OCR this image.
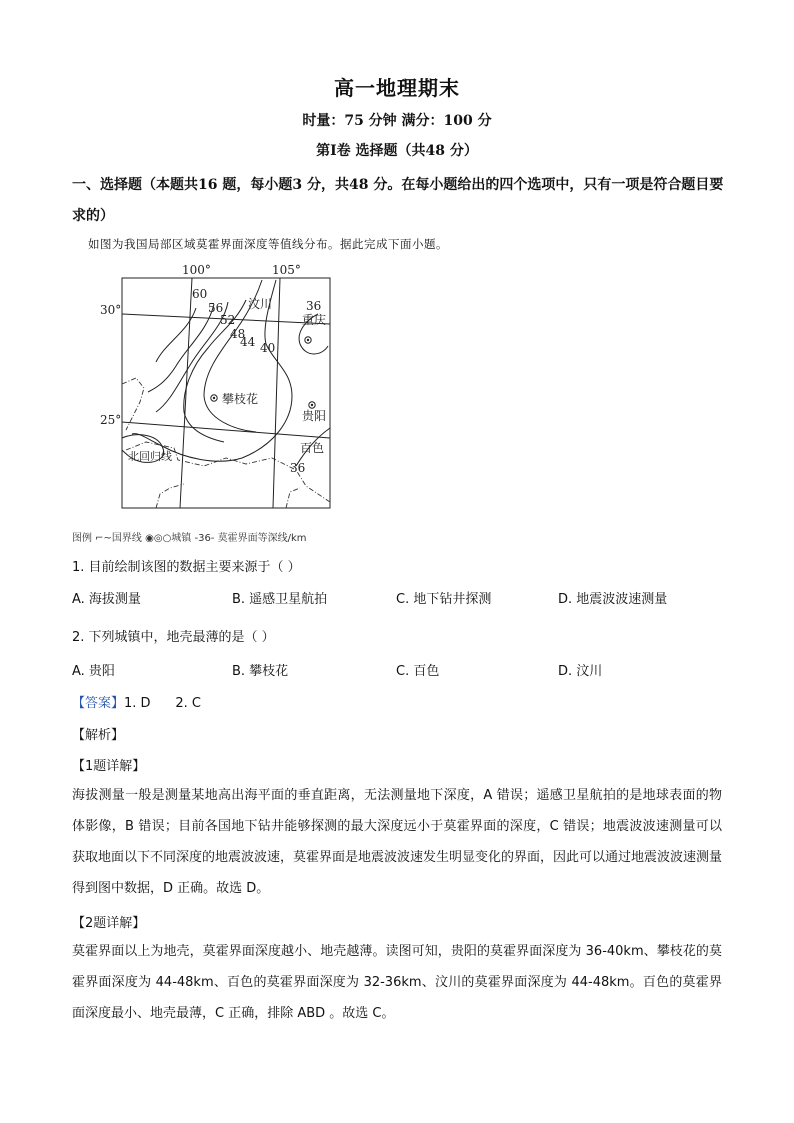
高一地理期末
时量：75 分钟 满分：100 分
第Ⅰ卷 选择题（共48 分）
一、选择题（本题共16 题，每小题3 分，共48 分。在每小题给出的四个选项中，只有一项是符合题目要求的）
如图为我国局部区域莫霍界面深度等值线分布。据此完成下面小题。
100°	105°
30°
25°
60
56
52
48
44 40
36
36
汶川
重庆
攀枝花
贵阳
百色
北回归线
图例 ⌐~国界线 ◉◎○城镇 -36- 莫霍界面等深线/km
1. 目前绘制该图的数据主要来源于（ ）
A. 海拔测量	B. 遥感卫星航拍	C. 地下钻井探测	D. 地震波波速测量
2. 下列城镇中，地壳最薄的是（ ）
A. 贵阳	B. 攀枝花	C. 百色	D. 汶川
【答案】1. D      2. C
【解析】
【1题详解】
海拔测量一般是测量某地高出海平面的垂直距离，无法测量地下深度，A 错误；遥感卫星航拍的是地球表面的物体影像，B 错误；目前各国地下钻井能够探测的最大深度远小于莫霍界面的深度，C 错误；地震波波速测量可以获取地面以下不同深度的地震波波速，莫霍界面是地震波波速发生明显变化的界面，因此可以通过地震波波速测量得到图中数据，D 正确。故选 D。
【2题详解】
莫霍界面以上为地壳，莫霍界面深度越小、地壳越薄。读图可知，贵阳的莫霍界面深度为 36-40km、攀枝花的莫霍界面深度为 44-48km、百色的莫霍界面深度为 32-36km、汶川的莫霍界面深度为 44-48km。百色的莫霍界面深度最小、地壳最薄，C 正确，排除 ABD 。故选 C。
